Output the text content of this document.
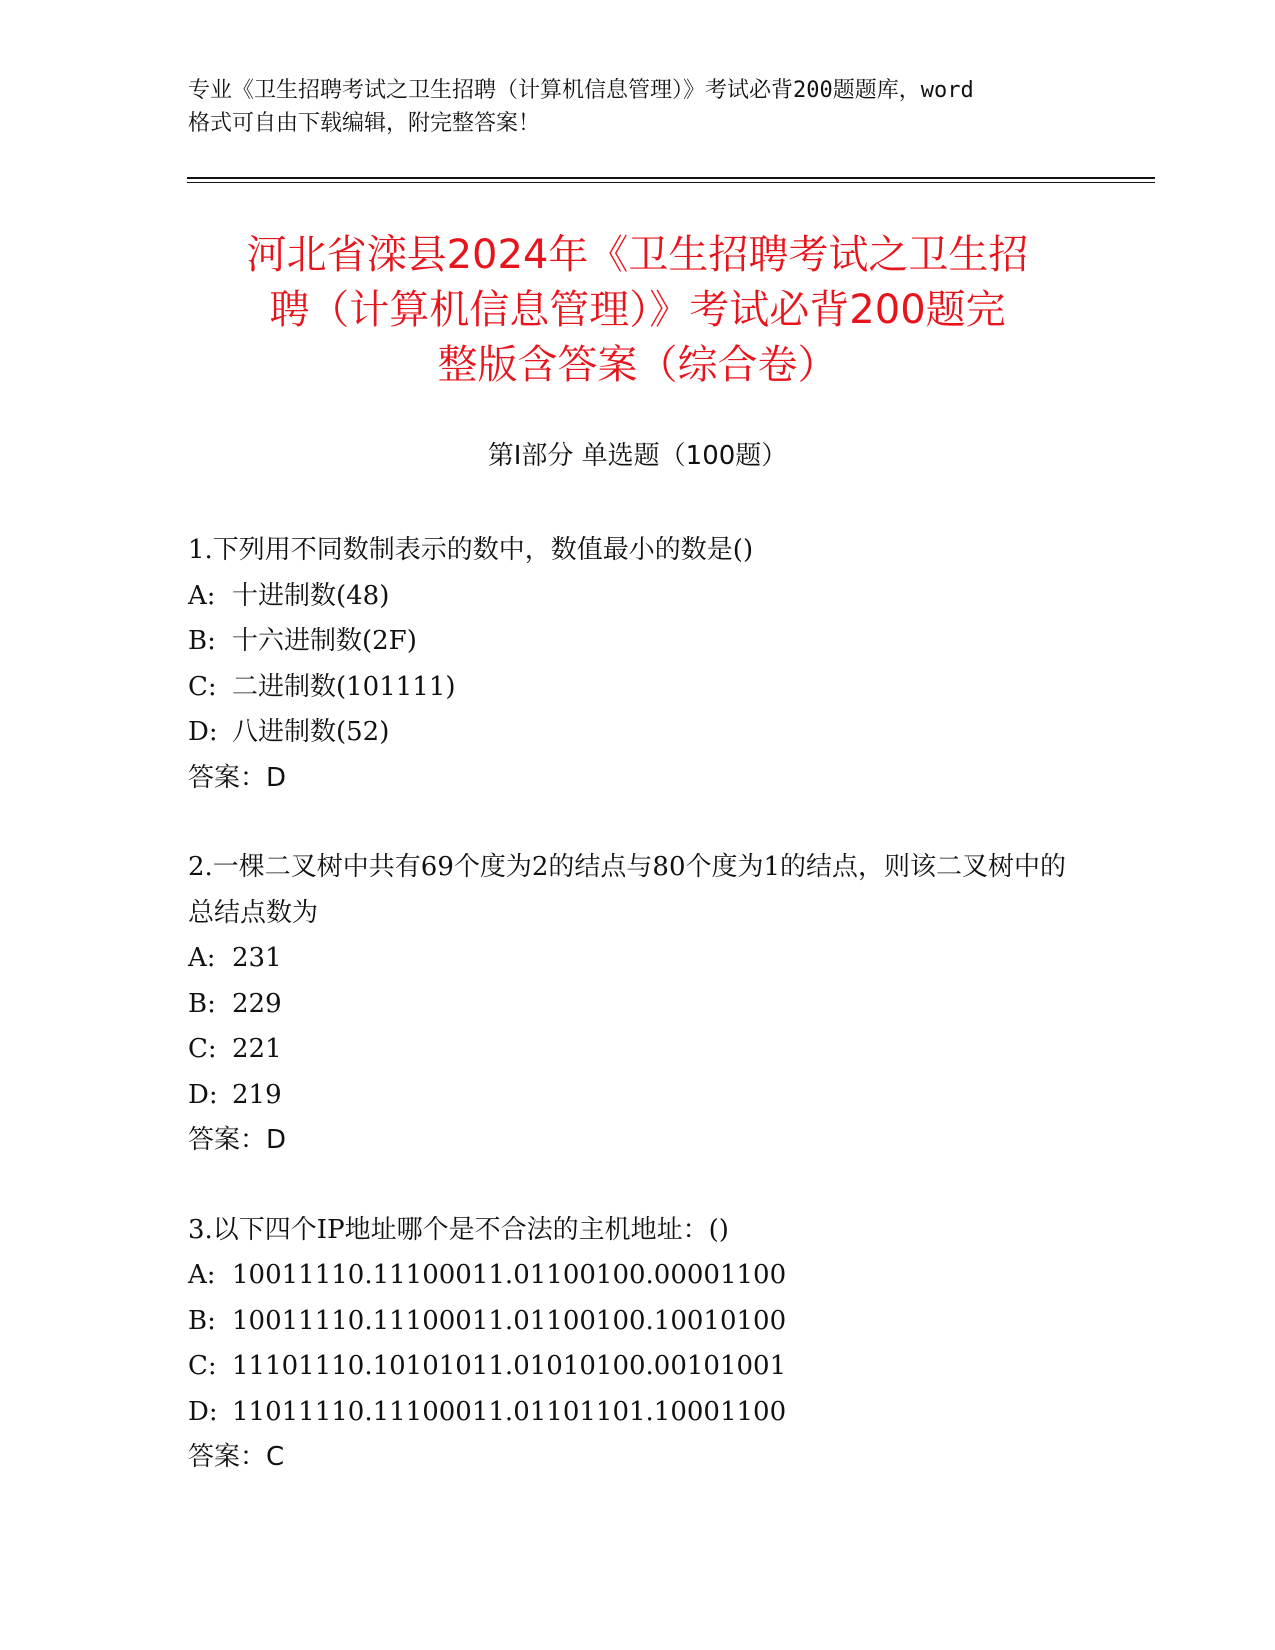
专业《卫生招聘考试之卫生招聘（计算机信息管理）》考试必背200题题库，word
格式可自由下载编辑，附完整答案！
河北省滦县2024年《卫生招聘考试之卫生招
聘（计算机信息管理）》考试必背200题完
整版含答案（综合卷）
第Ⅰ部分 单选题（100题）

1.下列用不同数制表示的数中，数值最小的数是()

A: 十进制数(48)

B: 十六进制数(2F)

C: 二进制数(101111)

D: 八进制数(52)

答案：D

2.一棵二叉树中共有69个度为2的结点与80个度为1的结点，则该二叉树中的总结点数为

A: 231

B: 229

C: 221

D: 219

答案：D

3.以下四个IP地址哪个是不合法的主机地址：()

A: 10011110.11100011.01100100.00001100

B: 10011110.11100011.01100100.10010100

C: 11101110.10101011.01010100.00101001

D: 11011110.11100011.01101101.10001100

答案：C
